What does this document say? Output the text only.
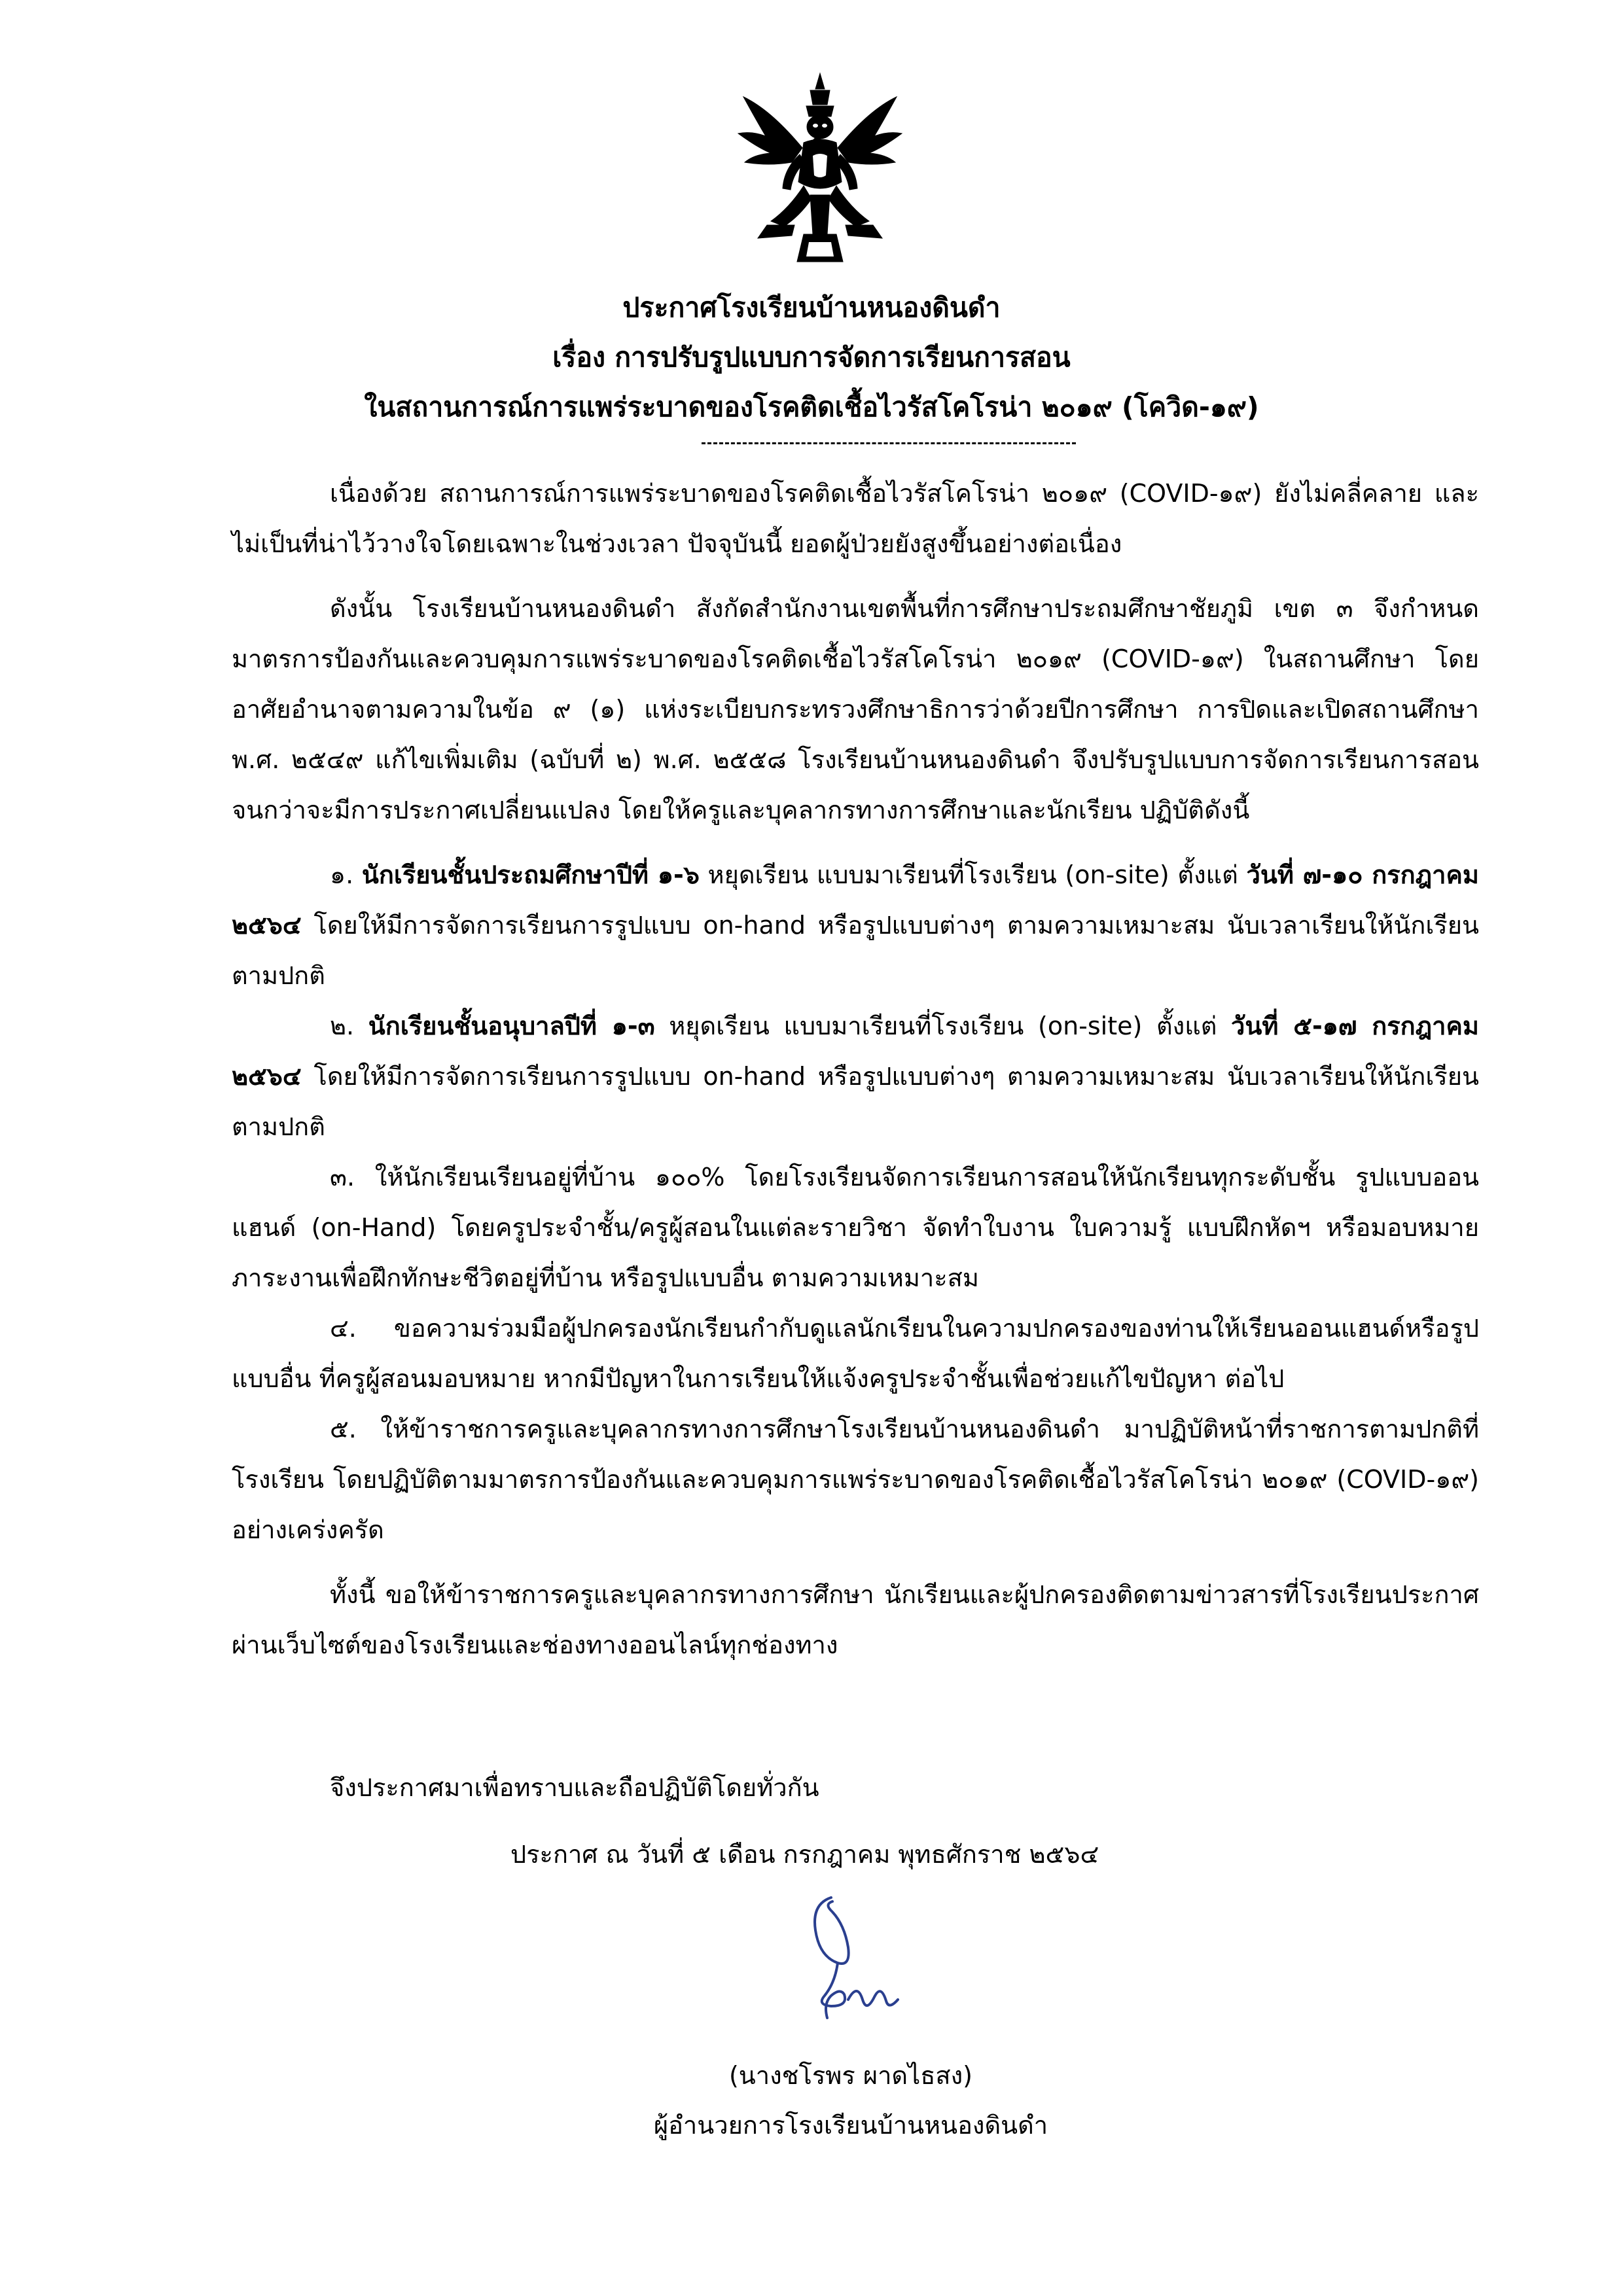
ประกาศโรงเรียนบ้านหนองดินดำ
เรื่อง การปรับรูปแบบการจัดการเรียนการสอน
ในสถานการณ์การแพร่ระบาดของโรคติดเชื้อไวรัสโคโรน่า ๒๐๑๙ (โควิด-๑๙)

เนื่องด้วย สถานการณ์การแพร่ระบาดของโรคติดเชื้อไวรัสโคโรน่า ๒๐๑๙ (COVID-๑๙) ยังไม่คลี่คลาย และไม่เป็นที่น่าไว้วางใจโดยเฉพาะในช่วงเวลา ปัจจุบันนี้ ยอดผู้ป่วยยังสูงขึ้นอย่างต่อเนื่อง

ดังนั้น โรงเรียนบ้านหนองดินดำ สังกัดสำนักงานเขตพื้นที่การศึกษาประถมศึกษาชัยภูมิ เขต ๓ จึงกำหนดมาตรการป้องกันและควบคุมการแพร่ระบาดของโรคติดเชื้อไวรัสโคโรน่า ๒๐๑๙ (COVID-๑๙) ในสถานศึกษา โดยอาศัยอำนาจตามความในข้อ ๙ (๑) แห่งระเบียบกระทรวงศึกษาธิการว่าด้วยปีการศึกษา การปิดและเปิดสถานศึกษา พ.ศ. ๒๕๔๙ แก้ไขเพิ่มเติม (ฉบับที่ ๒) พ.ศ. ๒๕๕๘ โรงเรียนบ้านหนองดินดำ จึงปรับรูปแบบการจัดการเรียนการสอนจนกว่าจะมีการประกาศเปลี่ยนแปลง โดยให้ครูและบุคลากรทางการศึกษาและนักเรียน ปฏิบัติดังนี้

๑. นักเรียนชั้นประถมศึกษาปีที่ ๑-๖ หยุดเรียน แบบมาเรียนที่โรงเรียน (on-site) ตั้งแต่ วันที่ ๗-๑๐ กรกฎาคม ๒๕๖๔ โดยให้มีการจัดการเรียนการรูปแบบ on-hand หรือรูปแบบต่างๆ ตามความเหมาะสม นับเวลาเรียนให้นักเรียนตามปกติ

๒. นักเรียนชั้นอนุบาลปีที่ ๑-๓ หยุดเรียน แบบมาเรียนที่โรงเรียน (on-site) ตั้งแต่ วันที่ ๕-๑๗ กรกฎาคม ๒๕๖๔ โดยให้มีการจัดการเรียนการรูปแบบ on-hand หรือรูปแบบต่างๆ ตามความเหมาะสม นับเวลาเรียนให้นักเรียนตามปกติ

๓. ให้นักเรียนเรียนอยู่ที่บ้าน ๑๐๐% โดยโรงเรียนจัดการเรียนการสอนให้นักเรียนทุกระดับชั้น รูปแบบออนแฮนด์ (on-Hand) โดยครูประจำชั้น/ครูผู้สอนในแต่ละรายวิชา จัดทำใบงาน ใบความรู้ แบบฝึกหัดฯ หรือมอบหมายภาระงานเพื่อฝึกทักษะชีวิตอยู่ที่บ้าน หรือรูปแบบอื่น ตามความเหมาะสม

๔. ขอความร่วมมือผู้ปกครองนักเรียนกำกับดูแลนักเรียนในความปกครองของท่านให้เรียนออนแฮนด์หรือรูปแบบอื่น ที่ครูผู้สอนมอบหมาย หากมีปัญหาในการเรียนให้แจ้งครูประจำชั้นเพื่อช่วยแก้ไขปัญหา ต่อไป

๕. ให้ข้าราชการครูและบุคลากรทางการศึกษาโรงเรียนบ้านหนองดินดำ มาปฏิบัติหน้าที่ราชการตามปกติที่โรงเรียน โดยปฏิบัติตามมาตรการป้องกันและควบคุมการแพร่ระบาดของโรคติดเชื้อไวรัสโคโรน่า ๒๐๑๙ (COVID-๑๙) อย่างเคร่งครัด

ทั้งนี้ ขอให้ข้าราชการครูและบุคลากรทางการศึกษา นักเรียนและผู้ปกครองติดตามข่าวสารที่โรงเรียนประกาศผ่านเว็บไซต์ของโรงเรียนและช่องทางออนไลน์ทุกช่องทาง

จึงประกาศมาเพื่อทราบและถือปฏิบัติโดยทั่วกัน
ประกาศ ณ วันที่ ๕ เดือน กรกฎาคม พุทธศักราช ๒๕๖๔
(นางชโรพร ผาดไธสง)
ผู้อำนวยการโรงเรียนบ้านหนองดินดำ
